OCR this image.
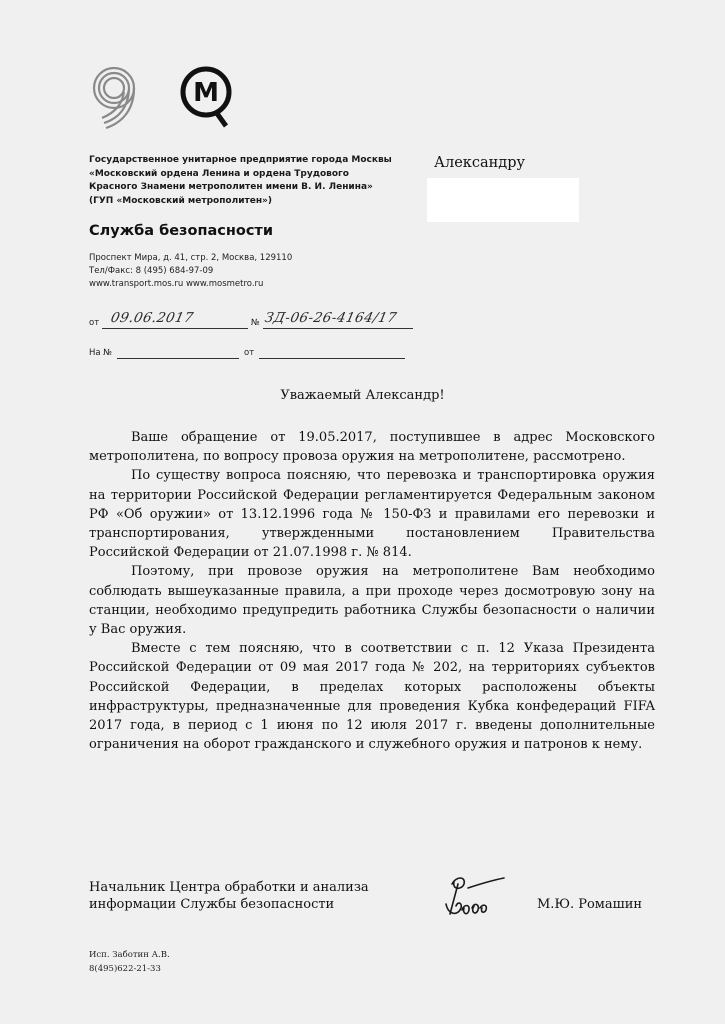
М
Государственное унитарное предприятие города Москвы
«Московский ордена Ленина и ордена Трудового
Красного Знамени метрополитен имени В. И. Ленина»
(ГУП «Московский метрополитен»)
Служба безопасности
Проспект Мира, д. 41, стр. 2, Москва, 129110
Тел/Факс: 8 (495) 684-97-09
www.transport.mos.ru www.mosmetro.ru
Александру
от 09.06.2017	№ ЗД-06-26-4164/17
На №	от
Уважаемый Александр!

Ваше обращение от 19.05.2017, поступившее в адрес Московского метрополитена, по вопросу провоза оружия на метрополитене, рассмотрено.

По существу вопроса поясняю, что перевозка и транспортировка оружия на территории Российской Федерации регламентируется Федеральным законом РФ «Об оружии» от 13.12.1996 года № 150-ФЗ и правилами его перевозки и транспортирования, утвержденными постановлением Правительства Российской Федерации от 21.07.1998 г. № 814.

Поэтому, при провозе оружия на метрополитене Вам необходимо соблюдать вышеуказанные правила, а при проходе через досмотровую зону на станции, необходимо предупредить работника Службы безопасности о наличии у Вас оружия.

Вместе с тем поясняю, что в соответствии с п. 12 Указа Президента Российской Федерации от 09 мая 2017 года № 202, на территориях субъектов Российской Федерации, в пределах которых расположены объекты инфраструктуры, предназначенные для проведения Кубка конфедераций FIFA 2017 года, в период с 1 июня по 12 июля 2017 г. введены дополнительные ограничения на оборот гражданского и служебного оружия и патронов к нему.

Начальник Центра обработки и анализа
информации Службы безопасности	М.Ю. Ромашин
Исп. Заботин А.В.
8(495)622-21-33
